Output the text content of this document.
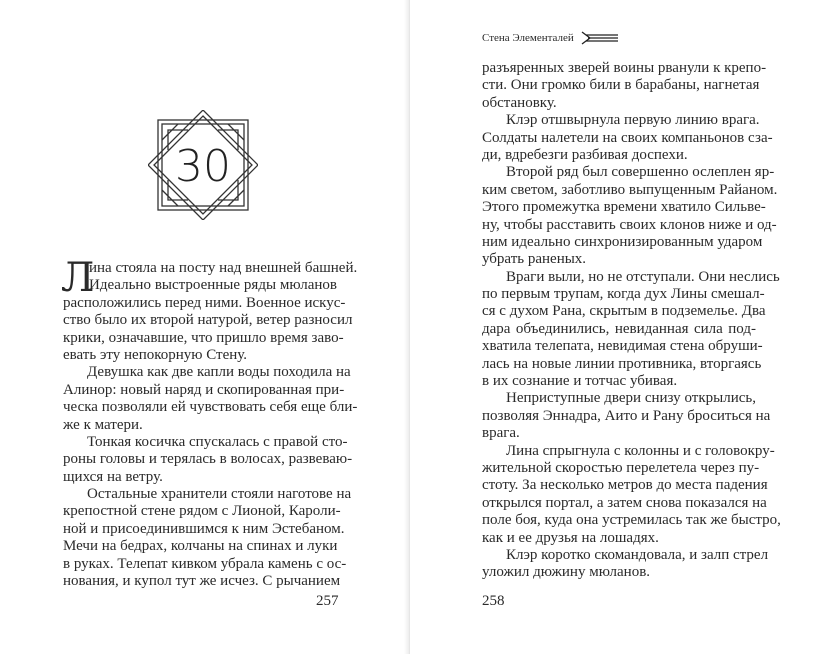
30
Л
ина стояла на посту над внешней башней.
Идеально выстроенные ряды мюланов
расположились перед ними. Военное искус-
ство было их второй натурой, ветер разносил
крики, означавшие, что пришло время заво-
евать эту непокорную Стену.
Девушка как две капли воды походила на
Алинор: новый наряд и скопированная при-
ческа позволяли ей чувствовать себя еще бли-
же к матери.
Тонкая косичка спускалась с правой сто-
роны головы и терялась в волосах, развеваю-
щихся на ветру.
Остальные хранители стояли наготове на
крепостной стене рядом с Лионой, Кароли-
ной и присоединившимся к ним Эстебаном.
Мечи на бедрах, колчаны на спинах и луки
в руках. Телепат кивком убрала камень с ос-
нования, и купол тут же исчез. С рычанием
257
Стена Элементалей
разъяренных зверей воины рванули к крепо-
сти. Они громко били в барабаны, нагнетая
обстановку.
Клэр отшвырнула первую линию врага.
Солдаты налетели на своих компаньонов сза-
ди, вдребезги разбивая доспехи.
Второй ряд был совершенно ослеплен яр-
ким светом, заботливо выпущенным Райаном.
Этого промежутка времени хватило Сильве-
ну, чтобы расставить своих клонов ниже и од-
ним идеально синхронизированным ударом
убрать раненых.
Враги выли, но не отступали. Они неслись
по первым трупам, когда дух Лины смешал-
ся с духом Рана, скрытым в подземелье. Два
дара объединились, невиданная сила под-
хватила телепата, невидимая стена обруши-
лась на новые линии противника, вторгаясь
в их сознание и тотчас убивая.
Неприступные двери снизу открылись,
позволяя Эннадра, Аито и Рану броситься на
врага.
Лина спрыгнула с колонны и с головокру-
жительной скоростью перелетела через пу-
стоту. За несколько метров до места падения
открылся портал, а затем снова показался на
поле боя, куда она устремилась так же быстро,
как и ее друзья на лошадях.
Клэр коротко скомандовала, и залп стрел
уложил дюжину мюланов.
258
